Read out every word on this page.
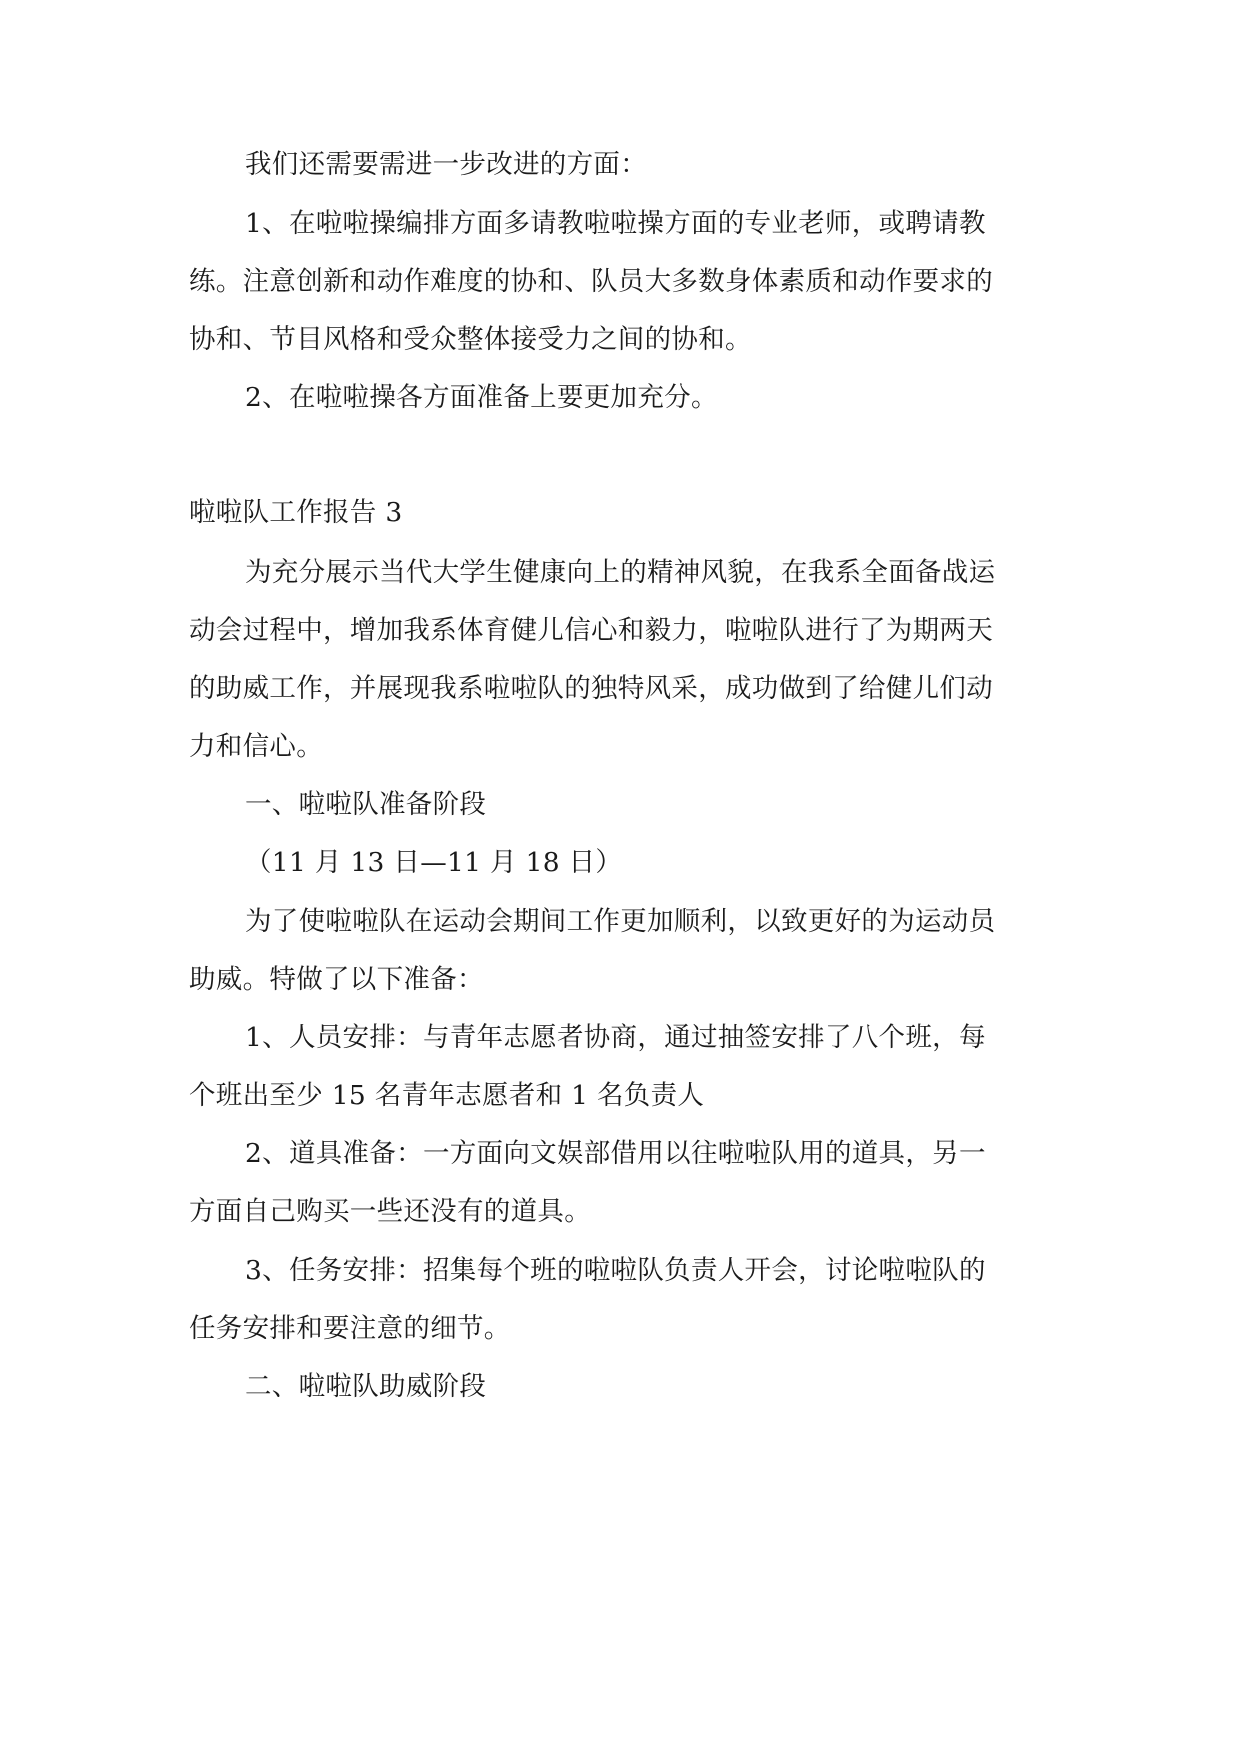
我们还需要需进一步改进的方面：
1、在啦啦操编排方面多请教啦啦操方面的专业老师，或聘请教
练。注意创新和动作难度的协和、队员大多数身体素质和动作要求的
协和、节目风格和受众整体接受力之间的协和。
2、在啦啦操各方面准备上要更加充分。
啦啦队工作报告 3
为充分展示当代大学生健康向上的精神风貌，在我系全面备战运
动会过程中，增加我系体育健儿信心和毅力，啦啦队进行了为期两天
的助威工作，并展现我系啦啦队的独特风采，成功做到了给健儿们动
力和信心。
一、啦啦队准备阶段
（11 月 13 日—11 月 18 日）
为了使啦啦队在运动会期间工作更加顺利，以致更好的为运动员
助威。特做了以下准备：
1、人员安排：与青年志愿者协商，通过抽签安排了八个班，每
个班出至少 15 名青年志愿者和 1 名负责人
2、道具准备：一方面向文娱部借用以往啦啦队用的道具，另一
方面自己购买一些还没有的道具。
3、任务安排：招集每个班的啦啦队负责人开会，讨论啦啦队的
任务安排和要注意的细节。
二、啦啦队助威阶段
